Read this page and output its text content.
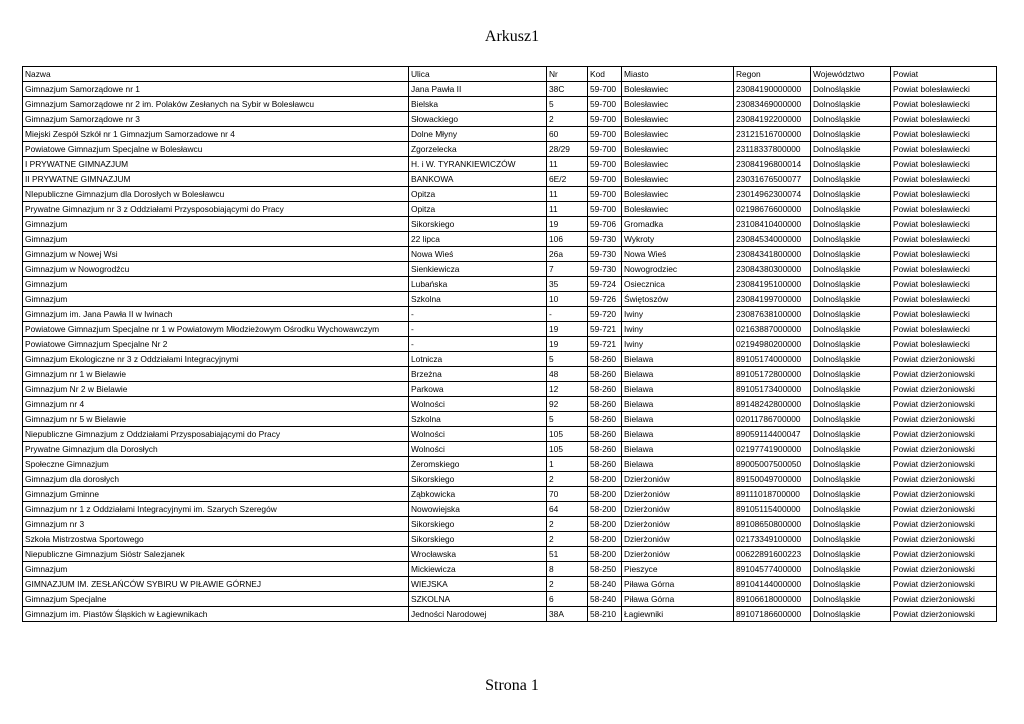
Arkusz1
Nazwa	Ulica	Nr	Kod	Miasto	Regon	Województwo	Powiat
Gimnazjum Samorządowe nr 1	Jana Pawła II	38C	59-700	Bolesławiec	23084190000000	Dolnośląskie	Powiat bolesławiecki
Gimnazjum Samorządowe nr 2 im. Polaków Zesłanych na Sybir w Bolesławcu	Bielska	5	59-700	Bolesławiec	23083469000000	Dolnośląskie	Powiat bolesławiecki
Gimnazjum Samorządowe nr 3	Słowackiego	2	59-700	Bolesławiec	23084192200000	Dolnośląskie	Powiat bolesławiecki
Miejski Zespół Szkół nr 1 Gimnazjum Samorzadowe nr 4	Dolne Młyny	60	59-700	Bolesławiec	23121516700000	Dolnośląskie	Powiat bolesławiecki
Powiatowe Gimnazjum Specjalne w Bolesławcu	Zgorzelecka	28/29	59-700	Bolesławiec	23118337800000	Dolnośląskie	Powiat bolesławiecki
I PRYWATNE GIMNAZJUM	H. i W. TYRANKIEWICZÓW	11	59-700	Bolesławiec	23084196800014	Dolnośląskie	Powiat bolesławiecki
II PRYWATNE GIMNAZJUM	BANKOWA	6E/2	59-700	Bolesławiec	23031676500077	Dolnośląskie	Powiat bolesławiecki
NIepubliczne Gimnazjum dla Dorosłych w Bolesławcu	Opitza	11	59-700	Bolesławiec	23014962300074	Dolnośląskie	Powiat bolesławiecki
Prywatne Gimnazjum nr 3 z Oddziałami Przysposobiającymi do Pracy	Opitza	11	59-700	Bolesławiec	02198676600000	Dolnośląskie	Powiat bolesławiecki
Gimnazjum	Sikorskiego	19	59-706	Gromadka	23108410400000	Dolnośląskie	Powiat bolesławiecki
Gimnazjum	22 lipca	106	59-730	Wykroty	23084534000000	Dolnośląskie	Powiat bolesławiecki
Gimnazjum w Nowej Wsi	Nowa Wieś	26a	59-730	Nowa Wieś	23084341800000	Dolnośląskie	Powiat bolesławiecki
Gimnazjum w Nowogrodźcu	Sienkiewicza	7	59-730	Nowogrodziec	23084380300000	Dolnośląskie	Powiat bolesławiecki
Gimnazjum	Lubańska	35	59-724	Osiecznica	23084195100000	Dolnośląskie	Powiat bolesławiecki
Gimnazjum	Szkolna	10	59-726	Świętoszów	23084199700000	Dolnośląskie	Powiat bolesławiecki
Gimnazjum im. Jana Pawła II w Iwinach	-	-	59-720	Iwiny	23087638100000	Dolnośląskie	Powiat bolesławiecki
Powiatowe Gimnazjum Specjalne nr 1 w Powiatowym Młodzieżowym Ośrodku Wychowawczym	-	19	59-721	Iwiny	02163887000000	Dolnośląskie	Powiat bolesławiecki
Powiatowe Gimnazjum Specjalne Nr 2	-	19	59-721	Iwiny	02194980200000	Dolnośląskie	Powiat bolesławiecki
Gimnazjum Ekologiczne nr 3 z Oddziałami Integracyjnymi	Lotnicza	5	58-260	Bielawa	89105174000000	Dolnośląskie	Powiat dzierżoniowski
Gimnazjum nr 1 w Bielawie	Brzeżna	48	58-260	Bielawa	89105172800000	Dolnośląskie	Powiat dzierżoniowski
Gimnazjum Nr 2 w Bielawie	Parkowa	12	58-260	Bielawa	89105173400000	Dolnośląskie	Powiat dzierżoniowski
Gimnazjum nr 4	Wolności	92	58-260	Bielawa	89148242800000	Dolnośląskie	Powiat dzierżoniowski
Gimnazjum nr 5 w Bielawie	Szkolna	5	58-260	Bielawa	02011786700000	Dolnośląskie	Powiat dzierżoniowski
Niepubliczne Gimnazjum z Oddziałami Przysposabiającymi do Pracy	Wolności	105	58-260	Bielawa	89059114400047	Dolnośląskie	Powiat dzierżoniowski
Prywatne Gimnazjum dla Dorosłych	Wolności	105	58-260	Bielawa	02197741900000	Dolnośląskie	Powiat dzierżoniowski
Społeczne Gimnazjum	Żeromskiego	1	58-260	Bielawa	89005007500050	Dolnośląskie	Powiat dzierżoniowski
Gimnazjum dla dorosłych	Sikorskiego	2	58-200	Dzierżoniów	89150049700000	Dolnośląskie	Powiat dzierżoniowski
Gimnazjum Gminne	Ząbkowicka	70	58-200	Dzierżoniów	89111018700000	Dolnośląskie	Powiat dzierżoniowski
Gimnazjum nr 1 z Oddziałami Integracyjnymi im. Szarych Szeregów	Nowowiejska	64	58-200	Dzierżoniów	89105115400000	Dolnośląskie	Powiat dzierżoniowski
Gimnazjum nr 3	Sikorskiego	2	58-200	Dzierżoniów	89108650800000	Dolnośląskie	Powiat dzierżoniowski
Szkoła Mistrzostwa Sportowego	Sikorskiego	2	58-200	Dzierżoniów	02173349100000	Dolnośląskie	Powiat dzierżoniowski
Niepubliczne Gimnazjum Sióstr Salezjanek	Wrocławska	51	58-200	Dzierżoniów	00622891600223	Dolnośląskie	Powiat dzierżoniowski
Gimnazjum	Mickiewicza	8	58-250	Pieszyce	89104577400000	Dolnośląskie	Powiat dzierżoniowski
GIMNAZJUM IM. ZESŁAŃCÓW SYBIRU W PIŁAWIE GÓRNEJ	WIEJSKA	2	58-240	Piława Górna	89104144000000	Dolnośląskie	Powiat dzierżoniowski
Gimnazjum Specjalne	SZKOLNA	6	58-240	Piława Górna	89106618000000	Dolnośląskie	Powiat dzierżoniowski
Gimnazjum im. Piastów Śląskich w Łagiewnikach	Jedności Narodowej	38A	58-210	Łagiewniki	89107186600000	Dolnośląskie	Powiat dzierżoniowski
Strona 1
